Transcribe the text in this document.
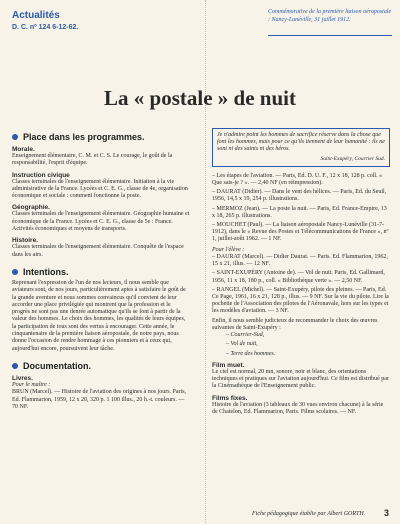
Actualités
D. C. nº 124 6-12-62.
Commémorative de la première liaison aéropostale : Nancy-Lunéville, 31 juillet 1912.
La « postale » de nuit
Place dans les programmes.
Morale.
Enseignement élémentaire, C. M. et C. S. Le courage, le goût de la responsabilité, l'esprit d'équipe.
Instruction civique
Classes terminales de l'enseignement élémentaire. Initiation à la vie administrative de la France. Lycées et C. E. G., classe de 4e, organisation économique et sociale : comment fonctionne la poste.
Géographie.
Classes terminales de l'enseignement élémentaire. Géographie humaine et économique de la France. Lycées et C. E. G., classe de 5e : France. Activités économiques et moyens de transports.
Histoire.
Classes terminales de l'enseignement élémentaire. Conquête de l'espace dans les airs.
Intentions.
Reprenant l'expression de l'un de nos lecteurs, il nous semble que aviateurs sont, de nos jours, particulièrement aptes à satisfaire le goût de la grande aventure et nous sommes convaincus qu'il convient de leur accorder une place privilégiée qui montrent que la profession et le progrès ne sont pas une denrée automatique qu'ils se font à partir de la valeur des hommes. Le choix des hommes, les qualités de leurs équipes, la participation de tous sont des vertus à encourager. Cette année, le cinquantenaire de la première liaison aéropostale, de notre pays, nous donne l'occasion de rendre hommage à ces pionniers et à ceux qui, aujourd'hui encore, poursuivent leur tâche.
Documentation.
Livres.
Pour le maître :
BRUN (Marcel). — Histoire de l'aviation des origines à nos jours. Paris, Ed. Flammarion, 1959, 12 x 20, 320 p. 1 100 illus., 20 h.-t. couleurs. — 70 NF.
Je n'admire point les hommes de sacrifice réserve dans la chose que font les hommes, mais pour ce qu'ils tiennent de leur humanité : ils ne sont ni des saints ni des héros.
Saint-Exupéry, Courrier Sud.
– Les étapes de l'aviation. — Paris, Ed. D. U. F., 12 x 18, 128 p. coll. « Que sais-je ? ». — 2,40 NF (en réimpression).
– DAURAT (Didier). — Dans le vent des hélices. — Paris, Ed. du Seuil, 1956, 14,5 x 19, 254 p. illustrations.
– MERMOZ (Jean). — La poste la nuit. — Paris, Ed. France-Empire, 13 x 18, 265 p. illustrations.
– MOUCHET (Paul). — La liaison aéropostale Nancy-Lunéville (31-7-1912), dans le « Revue des Postes et Télécommunications de France », nº 1, juillet-août 1962. — 1 NF.
Pour l'élève :
– DAURAT (Marcel). — Didier Daurat. — Paris. Ed. Flammarion, 1962, 15 x 21, illus. — 12 NF.
– SAINT-EXUPÉRY (Antoine de). — Vol de nuit. Paris, Ed. Gallimard, 1956, 11 x 18, 180 p., coll. « Bibliothèque verte ». — 2,50 NF.
– RANGEL (Michel). — Saint-Exupéry, pilote des pleines. — Paris, Ed. Ce Page, 1961, 16 x 21, 128 p., illus. — 9 NF. Sur la vie du pilote. Lire la pochette de l'Association des pilotes de l'Aéronavale, hors sur les types et les modèles d'aviation. — 3 NF.
Enfin, il nous semble judicieux de recommander le choix des œuvres suivantes de Saint-Exupéry :
– Courrier-Sud,
– Vol de nuit,
– Terre des hommes.
Film muet.
Le ciel est normal, 20 mn, sonore, noir et blanc, des orientations techniques et pratiques sur l'aviation aujourd'hui. Ce film est distribué par la Cinémathèque de l'Enseignement public.
Films fixes.
Histoire de l'aviation (3 tableaux de 30 vues environ chacune) à la série de Chatelon, Ed. Flammarion, Paris. Films scolaires. — NF.
Fiche pédagogique établie par Albert GORTH. 3
